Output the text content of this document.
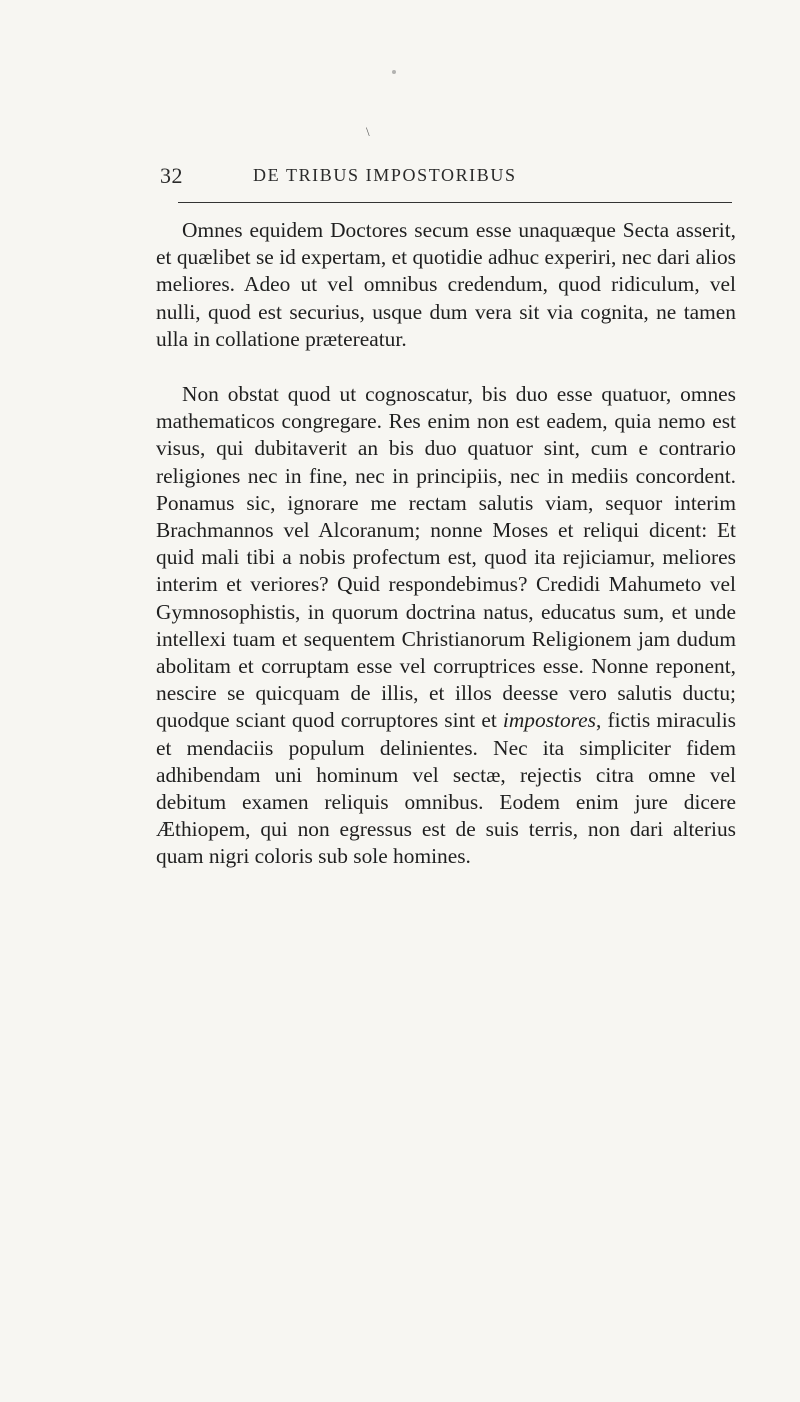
\
32	DE TRIBUS IMPOSTORIBUS

Omnes equidem Doctores secum esse unaquæque Secta asserit, et quælibet se id expertam, et quotidie adhuc experiri, nec dari alios meliores. Adeo ut vel omnibus credendum, quod ridiculum, vel nulli, quod est securius, usque dum vera sit via cognita, ne tamen ulla in collatione prætereatur.

Non obstat quod ut cognoscatur, bis duo esse quatuor, omnes mathematicos congregare. Res enim non est eadem, quia nemo est visus, qui dubitaverit an bis duo quatuor sint, cum e contrario religiones nec in fine, nec in principiis, nec in mediis concordent. Ponamus sic, ignorare me rectam salutis viam, sequor interim Brachmannos vel Alcoranum; nonne Moses et reliqui dicent: Et quid mali tibi a nobis profectum est, quod ita rejiciamur, meliores interim et veriores? Quid respondebimus? Credidi Mahumeto vel Gymnosophistis, in quorum doctrina natus, educatus sum, et unde intellexi tuam et sequentem Christianorum Religionem jam dudum abolitam et corruptam esse vel corruptrices esse. Nonne reponent, nescire se quicquam de illis, et illos deesse vero salutis ductu; quodque sciant quod corruptores sint et impostores, fictis miraculis et mendaciis populum delinientes. Nec ita simpliciter fidem adhibendam uni hominum vel sectæ, rejectis citra omne vel debitum examen reliquis omnibus. Eodem enim jure dicere Æthiopem, qui non egressus est de suis terris, non dari alterius quam nigri coloris sub sole homines.
